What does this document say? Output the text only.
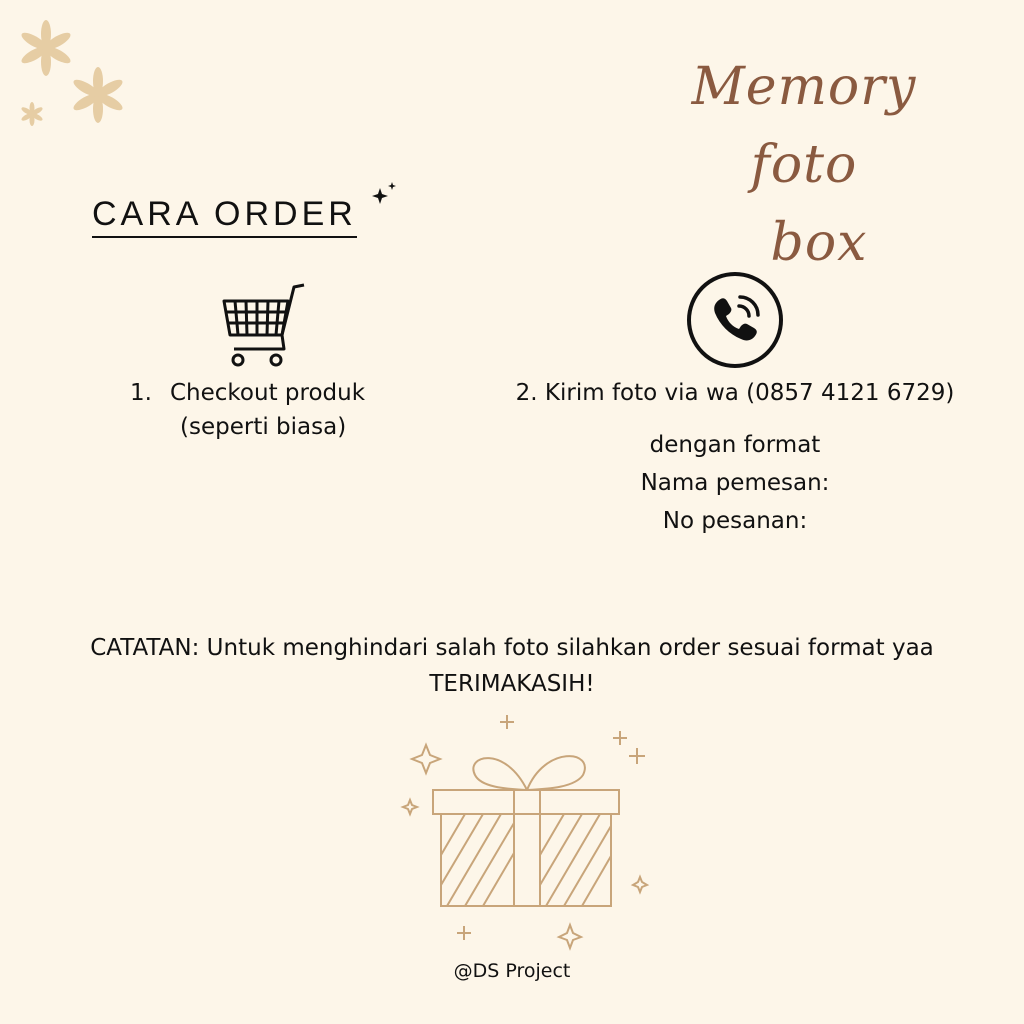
Memory foto
box
CARA ORDER
1. Checkout produk
(seperti biasa)
2. Kirim foto via wa (0857 4121 6729)
dengan format
Nama pemesan:
No pesanan:
CATATAN: Untuk menghindari salah foto silahkan order sesuai format yaa
TERIMAKASIH!
@DS Project
